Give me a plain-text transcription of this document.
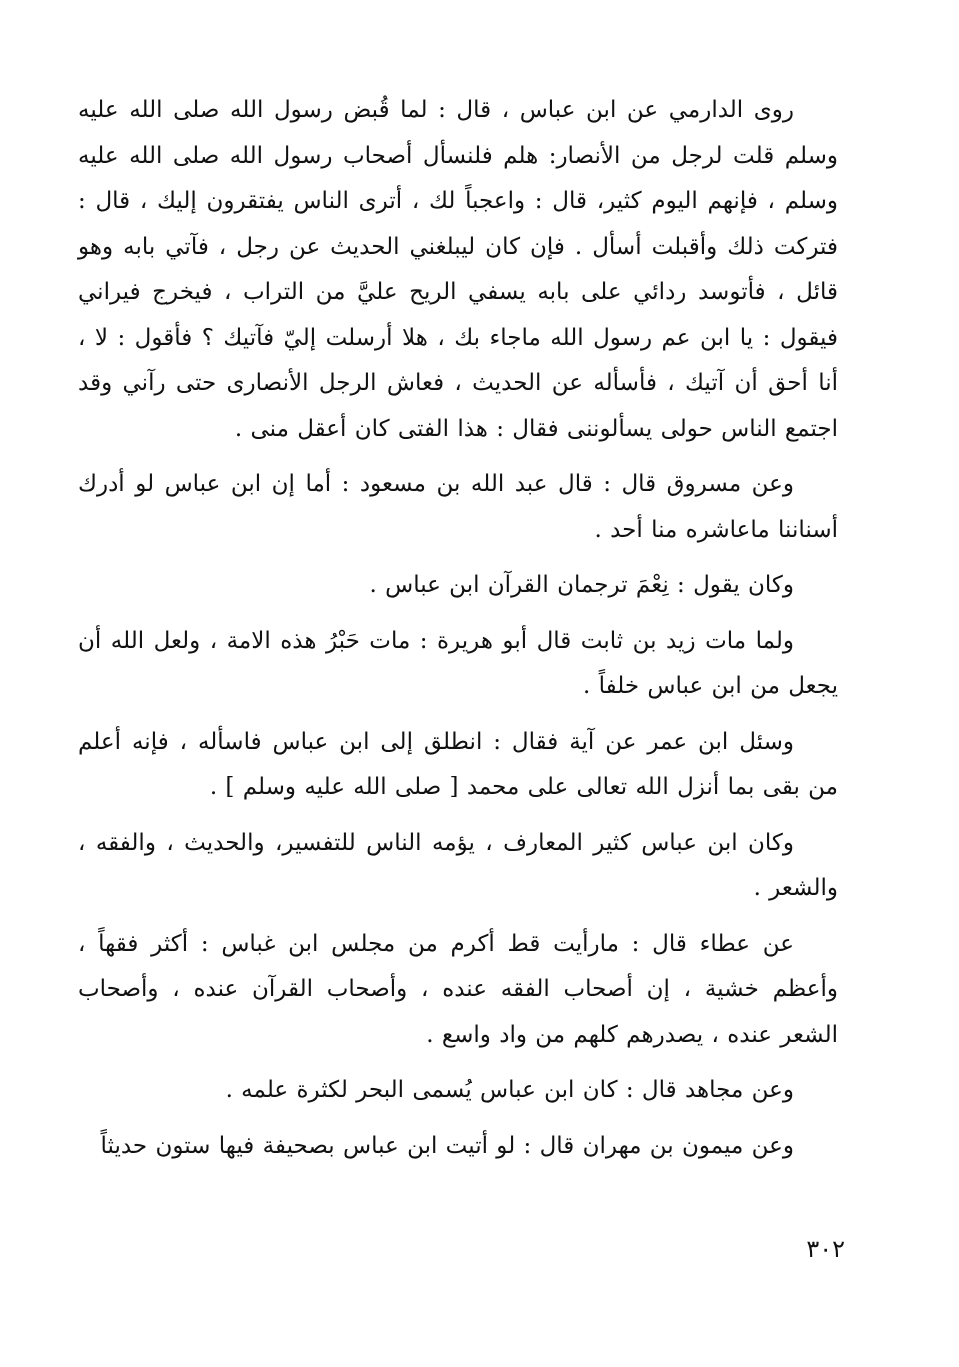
روى الدارمي عن ابن عباس ، قال : لما قُبض رسول الله صلى الله عليه وسلم قلت لرجل من الأنصار: هلم فلنسأل أصحاب رسول الله صلى الله عليه وسلم ، فإنهم اليوم كثير، قال : واعجباً لك ، أترى الناس يفتقرون إليك ، قال : فتركت ذلك وأقبلت أسأل . فإن كان ليبلغني الحديث عن رجل ، فآتي بابه وهو قائل ، فأتوسد ردائي على بابه يسفي الريح عليَّ من التراب ، فيخرج فيراني فيقول : يا ابن عم رسول الله ماجاء بك ، هلا أرسلت إليّ فآتيك ؟ فأقول : لا ، أنا أحق أن آتيك ، فأسأله عن الحديث ، فعاش الرجل الأنصارى حتى رآني وقد اجتمع الناس حولى يسألوننى فقال : هذا الفتى كان أعقل منى .

وعن مسروق قال : قال عبد الله بن مسعود : أما إن ابن عباس لو أدرك أسناننا ماعاشره منا أحد .

وكان يقول : نِعْمَ ترجمان القرآن ابن عباس .

ولما مات زيد بن ثابت قال أبو هريرة : مات حَبْرُ هذه الامة ، ولعل الله أن يجعل من ابن عباس خلفاً .

وسئل ابن عمر عن آية فقال : انطلق إلى ابن عباس فاسأله ، فإنه أعلم من بقى بما أنزل الله تعالى على محمد [ صلى الله عليه وسلم ] .

وكان ابن عباس كثير المعارف ، يؤمه الناس للتفسير، والحديث ، والفقه ، والشعر .

عن عطاء قال : مارأيت قط أكرم من مجلس ابن غباس : أكثر فقهاً ، وأعظم خشية ، إن أصحاب الفقه عنده ، وأصحاب القرآن عنده ، وأصحاب الشعر عنده ، يصدرهم كلهم من واد واسع .

وعن مجاهد قال : كان ابن عباس يُسمى البحر لكثرة علمه .

وعن ميمون بن مهران قال : لو أتيت ابن عباس بصحيفة فيها ستون حديثاً

٣٠٢
